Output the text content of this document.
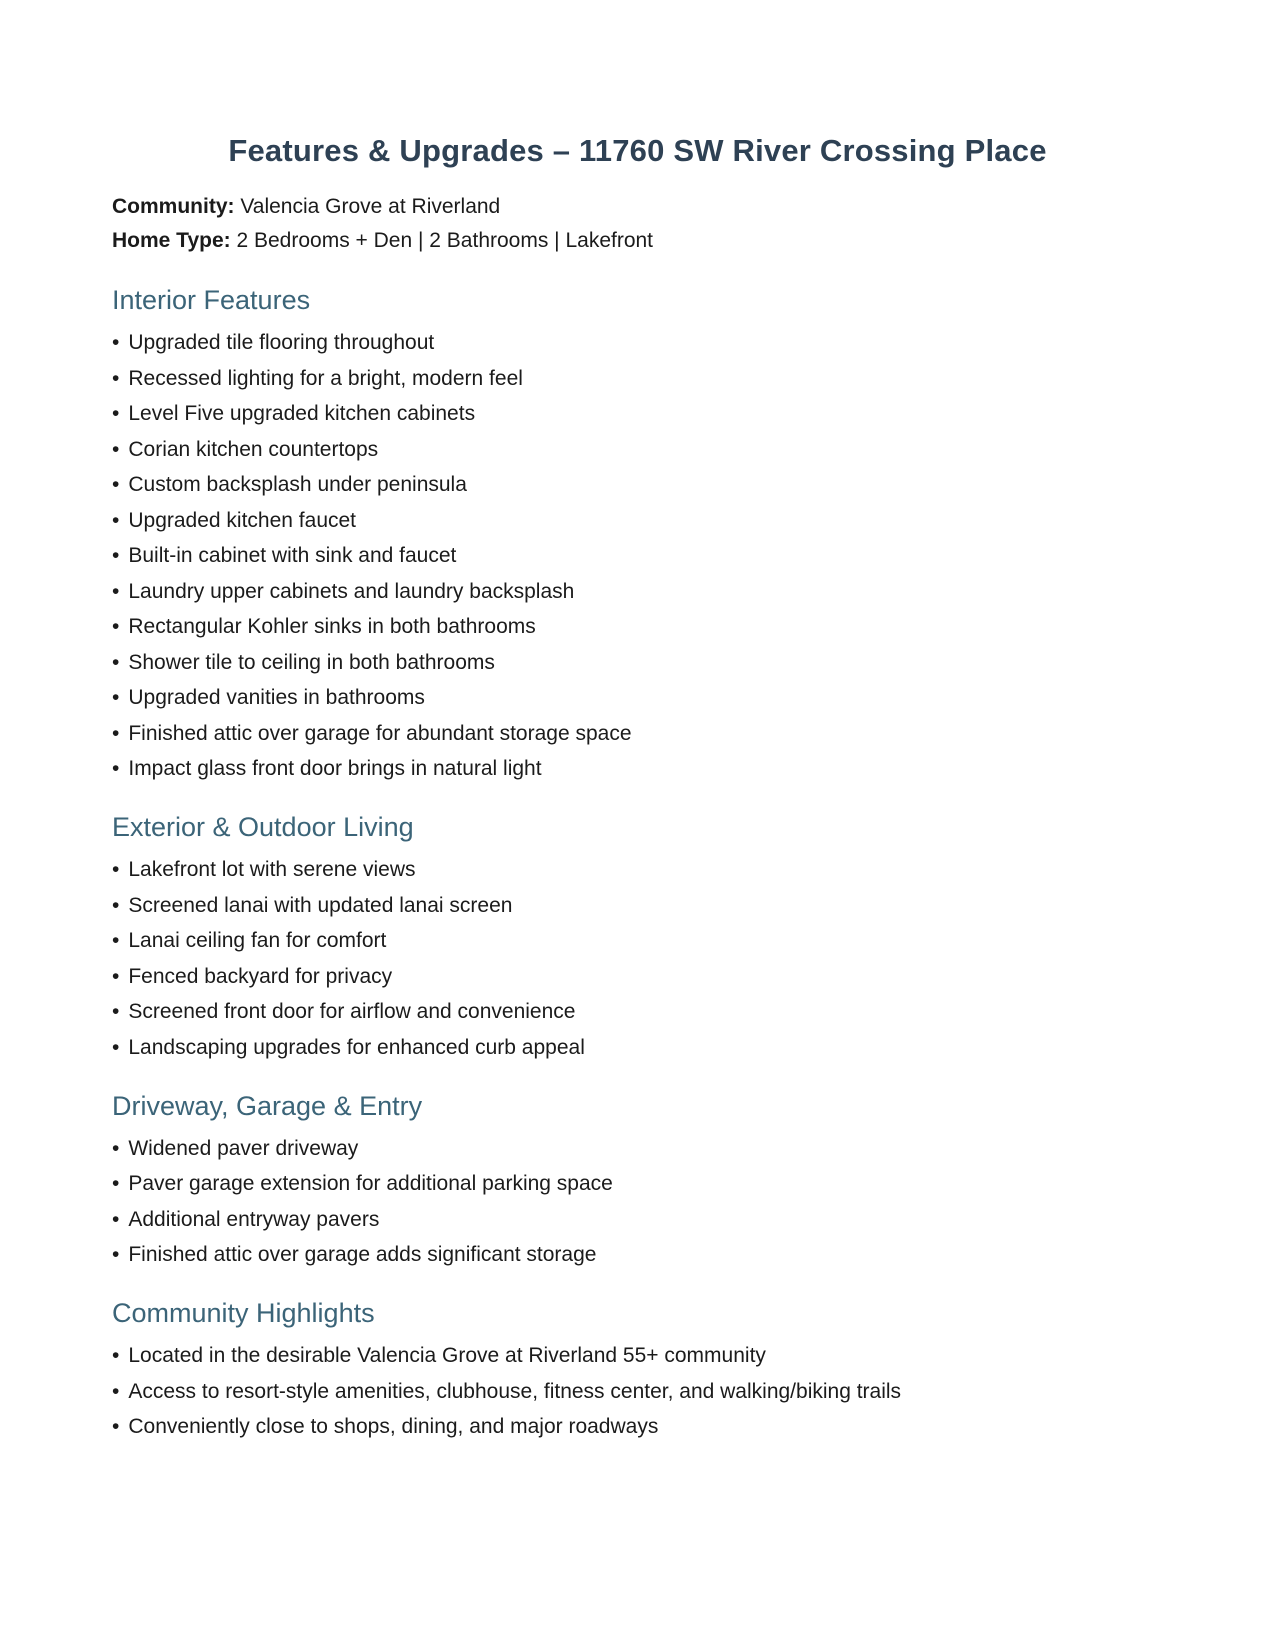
Features & Upgrades – 11760 SW River Crossing Place

Community: Valencia Grove at Riverland

Home Type: 2 Bedrooms + Den | 2 Bathrooms | Lakefront

Interior Features
• Upgraded tile flooring throughout
• Recessed lighting for a bright, modern feel
• Level Five upgraded kitchen cabinets
• Corian kitchen countertops
• Custom backsplash under peninsula
• Upgraded kitchen faucet
• Built-in cabinet with sink and faucet
• Laundry upper cabinets and laundry backsplash
• Rectangular Kohler sinks in both bathrooms
• Shower tile to ceiling in both bathrooms
• Upgraded vanities in bathrooms
• Finished attic over garage for abundant storage space
• Impact glass front door brings in natural light
Exterior & Outdoor Living
• Lakefront lot with serene views
• Screened lanai with updated lanai screen
• Lanai ceiling fan for comfort
• Fenced backyard for privacy
• Screened front door for airflow and convenience
• Landscaping upgrades for enhanced curb appeal
Driveway, Garage & Entry
• Widened paver driveway
• Paver garage extension for additional parking space
• Additional entryway pavers
• Finished attic over garage adds significant storage
Community Highlights
• Located in the desirable Valencia Grove at Riverland 55+ community
• Access to resort-style amenities, clubhouse, fitness center, and walking/biking trails
• Conveniently close to shops, dining, and major roadways
